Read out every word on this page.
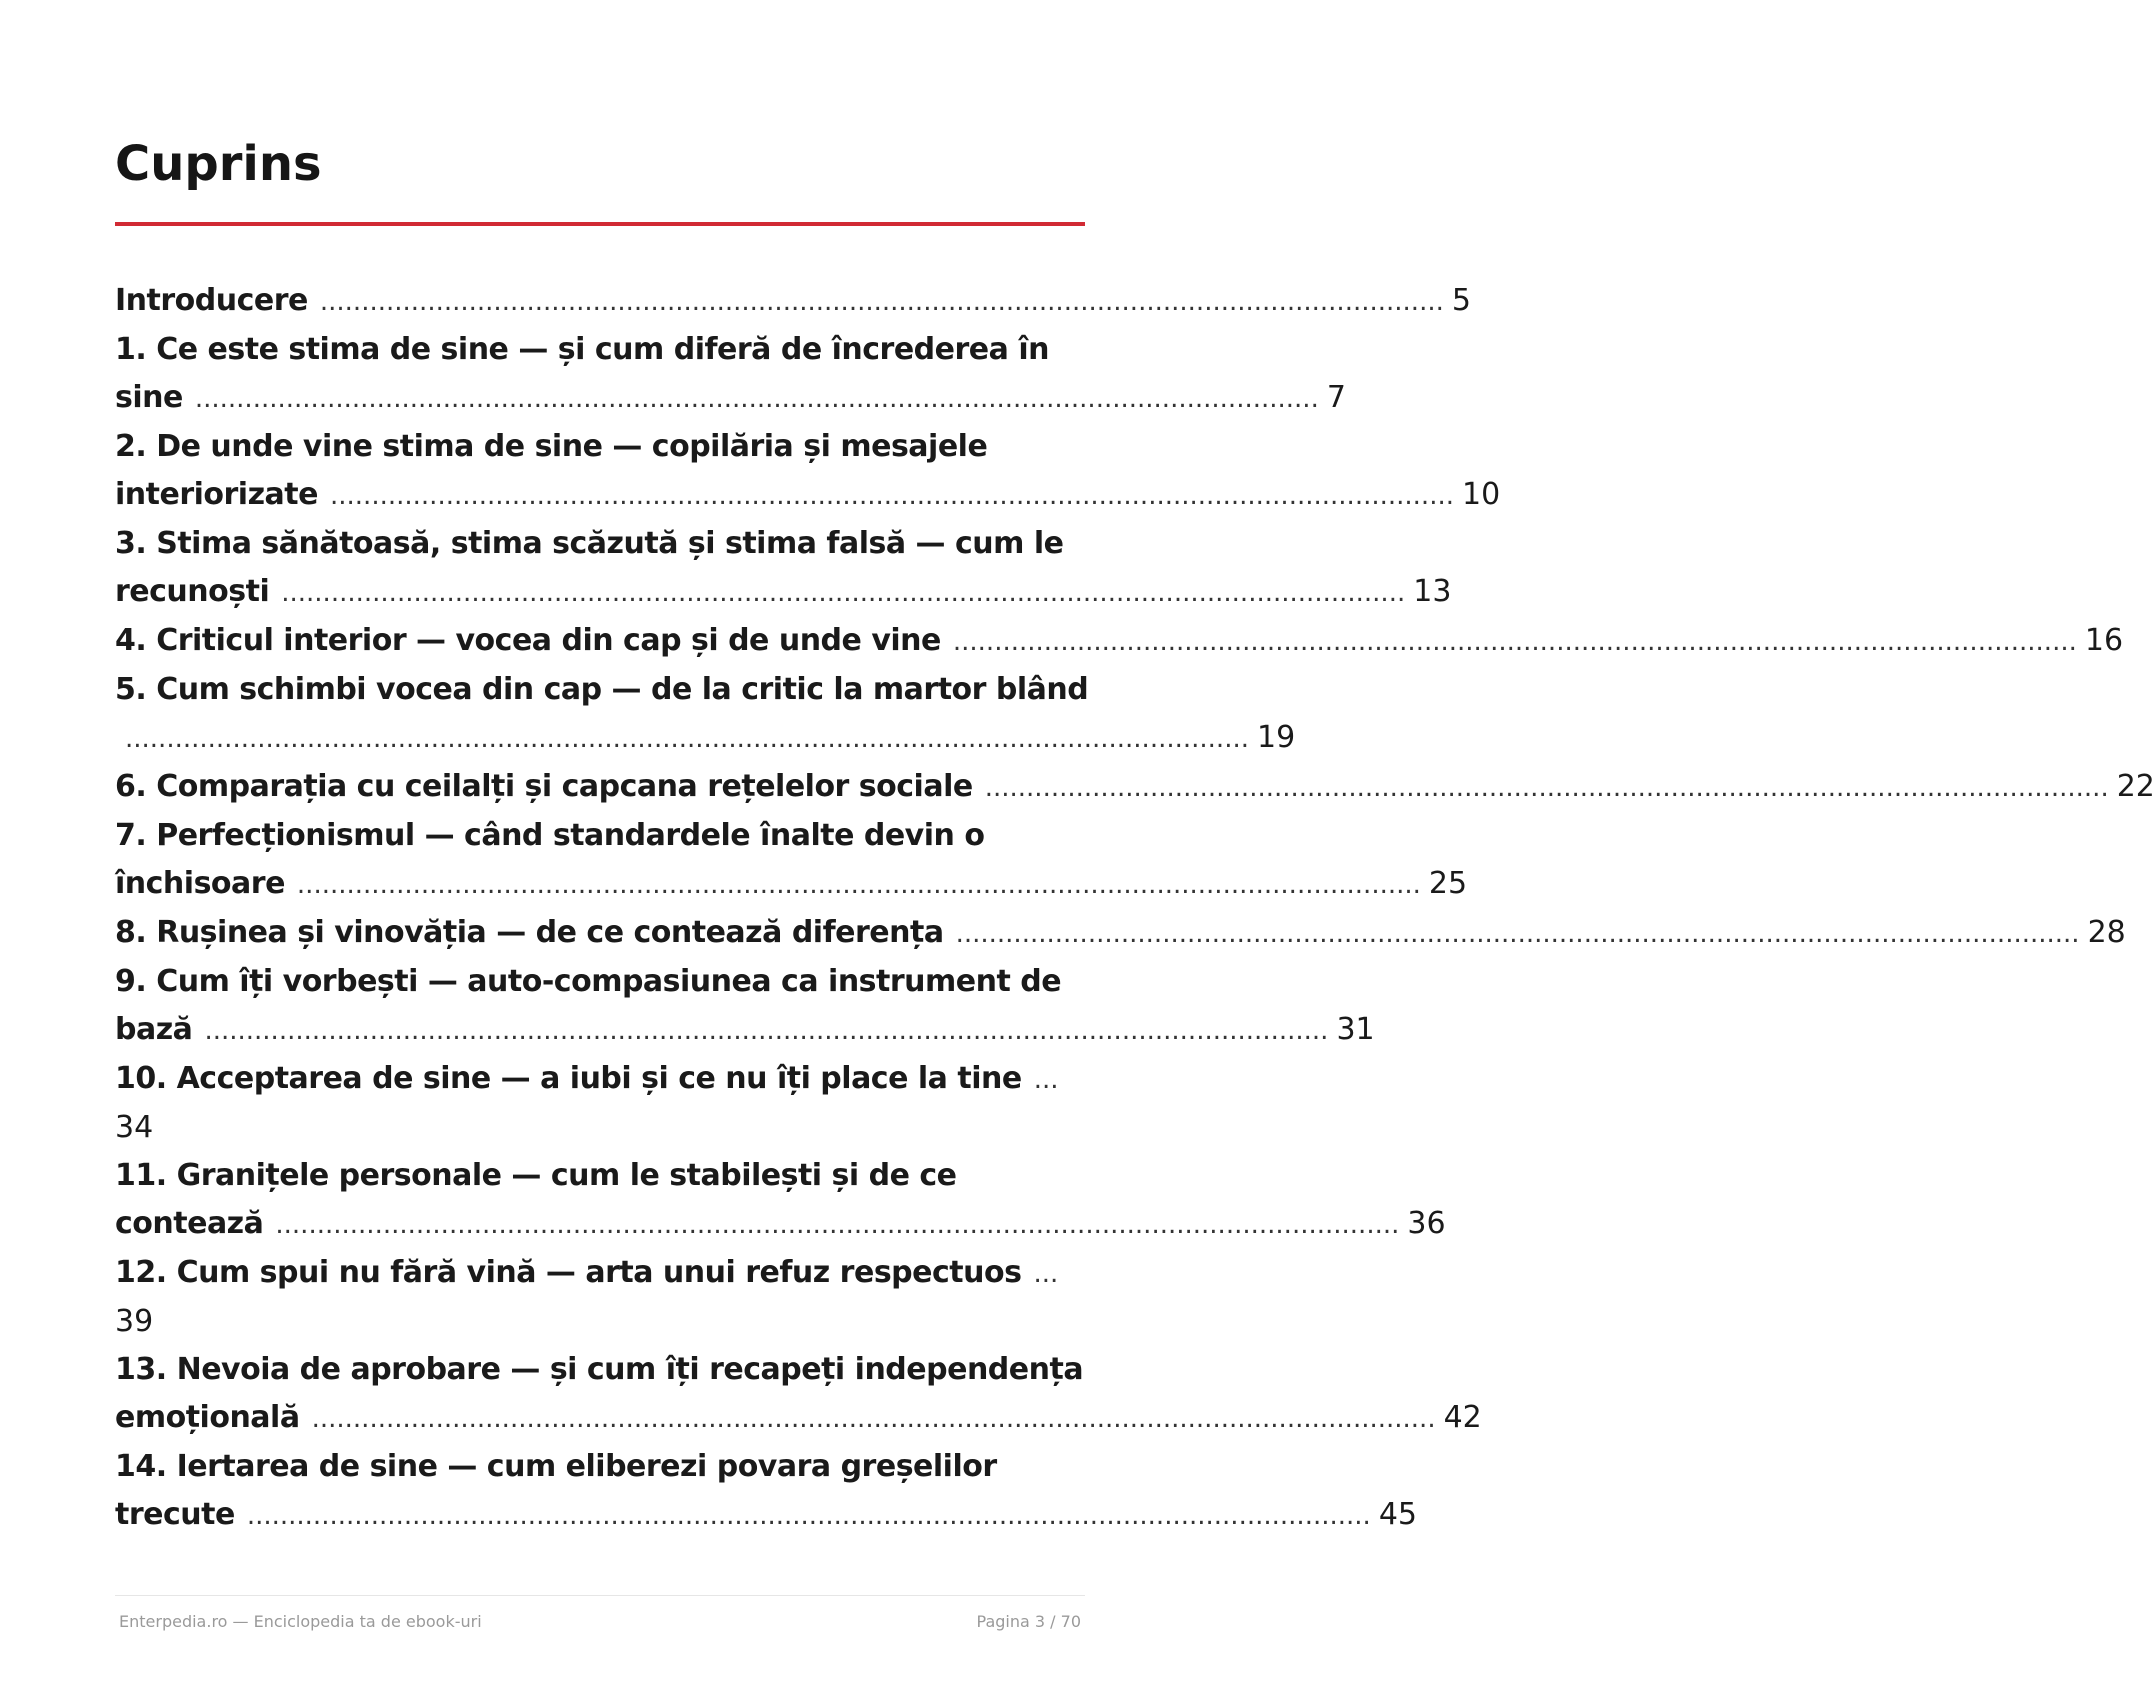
Cuprins
Introducere ........................................................................................................................................ 5
1. Ce este stima de sine — și cum diferă de încrederea în
sine ........................................................................................................................................ 7
2. De unde vine stima de sine — copilăria și mesajele
interiorizate ........................................................................................................................................ 10
3. Stima sănătoasă, stima scăzută și stima falsă — cum le
recunoști ........................................................................................................................................ 13
4. Criticul interior — vocea din cap și de unde vine ........................................................................................................................................ 16
5. Cum schimbi vocea din cap — de la critic la martor blând
........................................................................................................................................ 19
6. Comparația cu ceilalți și capcana rețelelor sociale ........................................................................................................................................ 22
7. Perfecționismul — când standardele înalte devin o
închisoare ........................................................................................................................................ 25
8. Rușinea și vinovăția — de ce contează diferența ........................................................................................................................................ 28
9. Cum îți vorbești — auto-compasiunea ca instrument de
bază ........................................................................................................................................ 31
10. Acceptarea de sine — a iubi și ce nu îți place la tine ...
34
11. Granițele personale — cum le stabilești și de ce
contează ........................................................................................................................................ 36
12. Cum spui nu fără vină — arta unui refuz respectuos ...
39
13. Nevoia de aprobare — și cum îți recapeți independența
emoțională ........................................................................................................................................ 42
14. Iertarea de sine — cum eliberezi povara greșelilor
trecute ........................................................................................................................................ 45
Enterpedia.ro — Enciclopedia ta de ebook-uri	Pagina 3 / 70
